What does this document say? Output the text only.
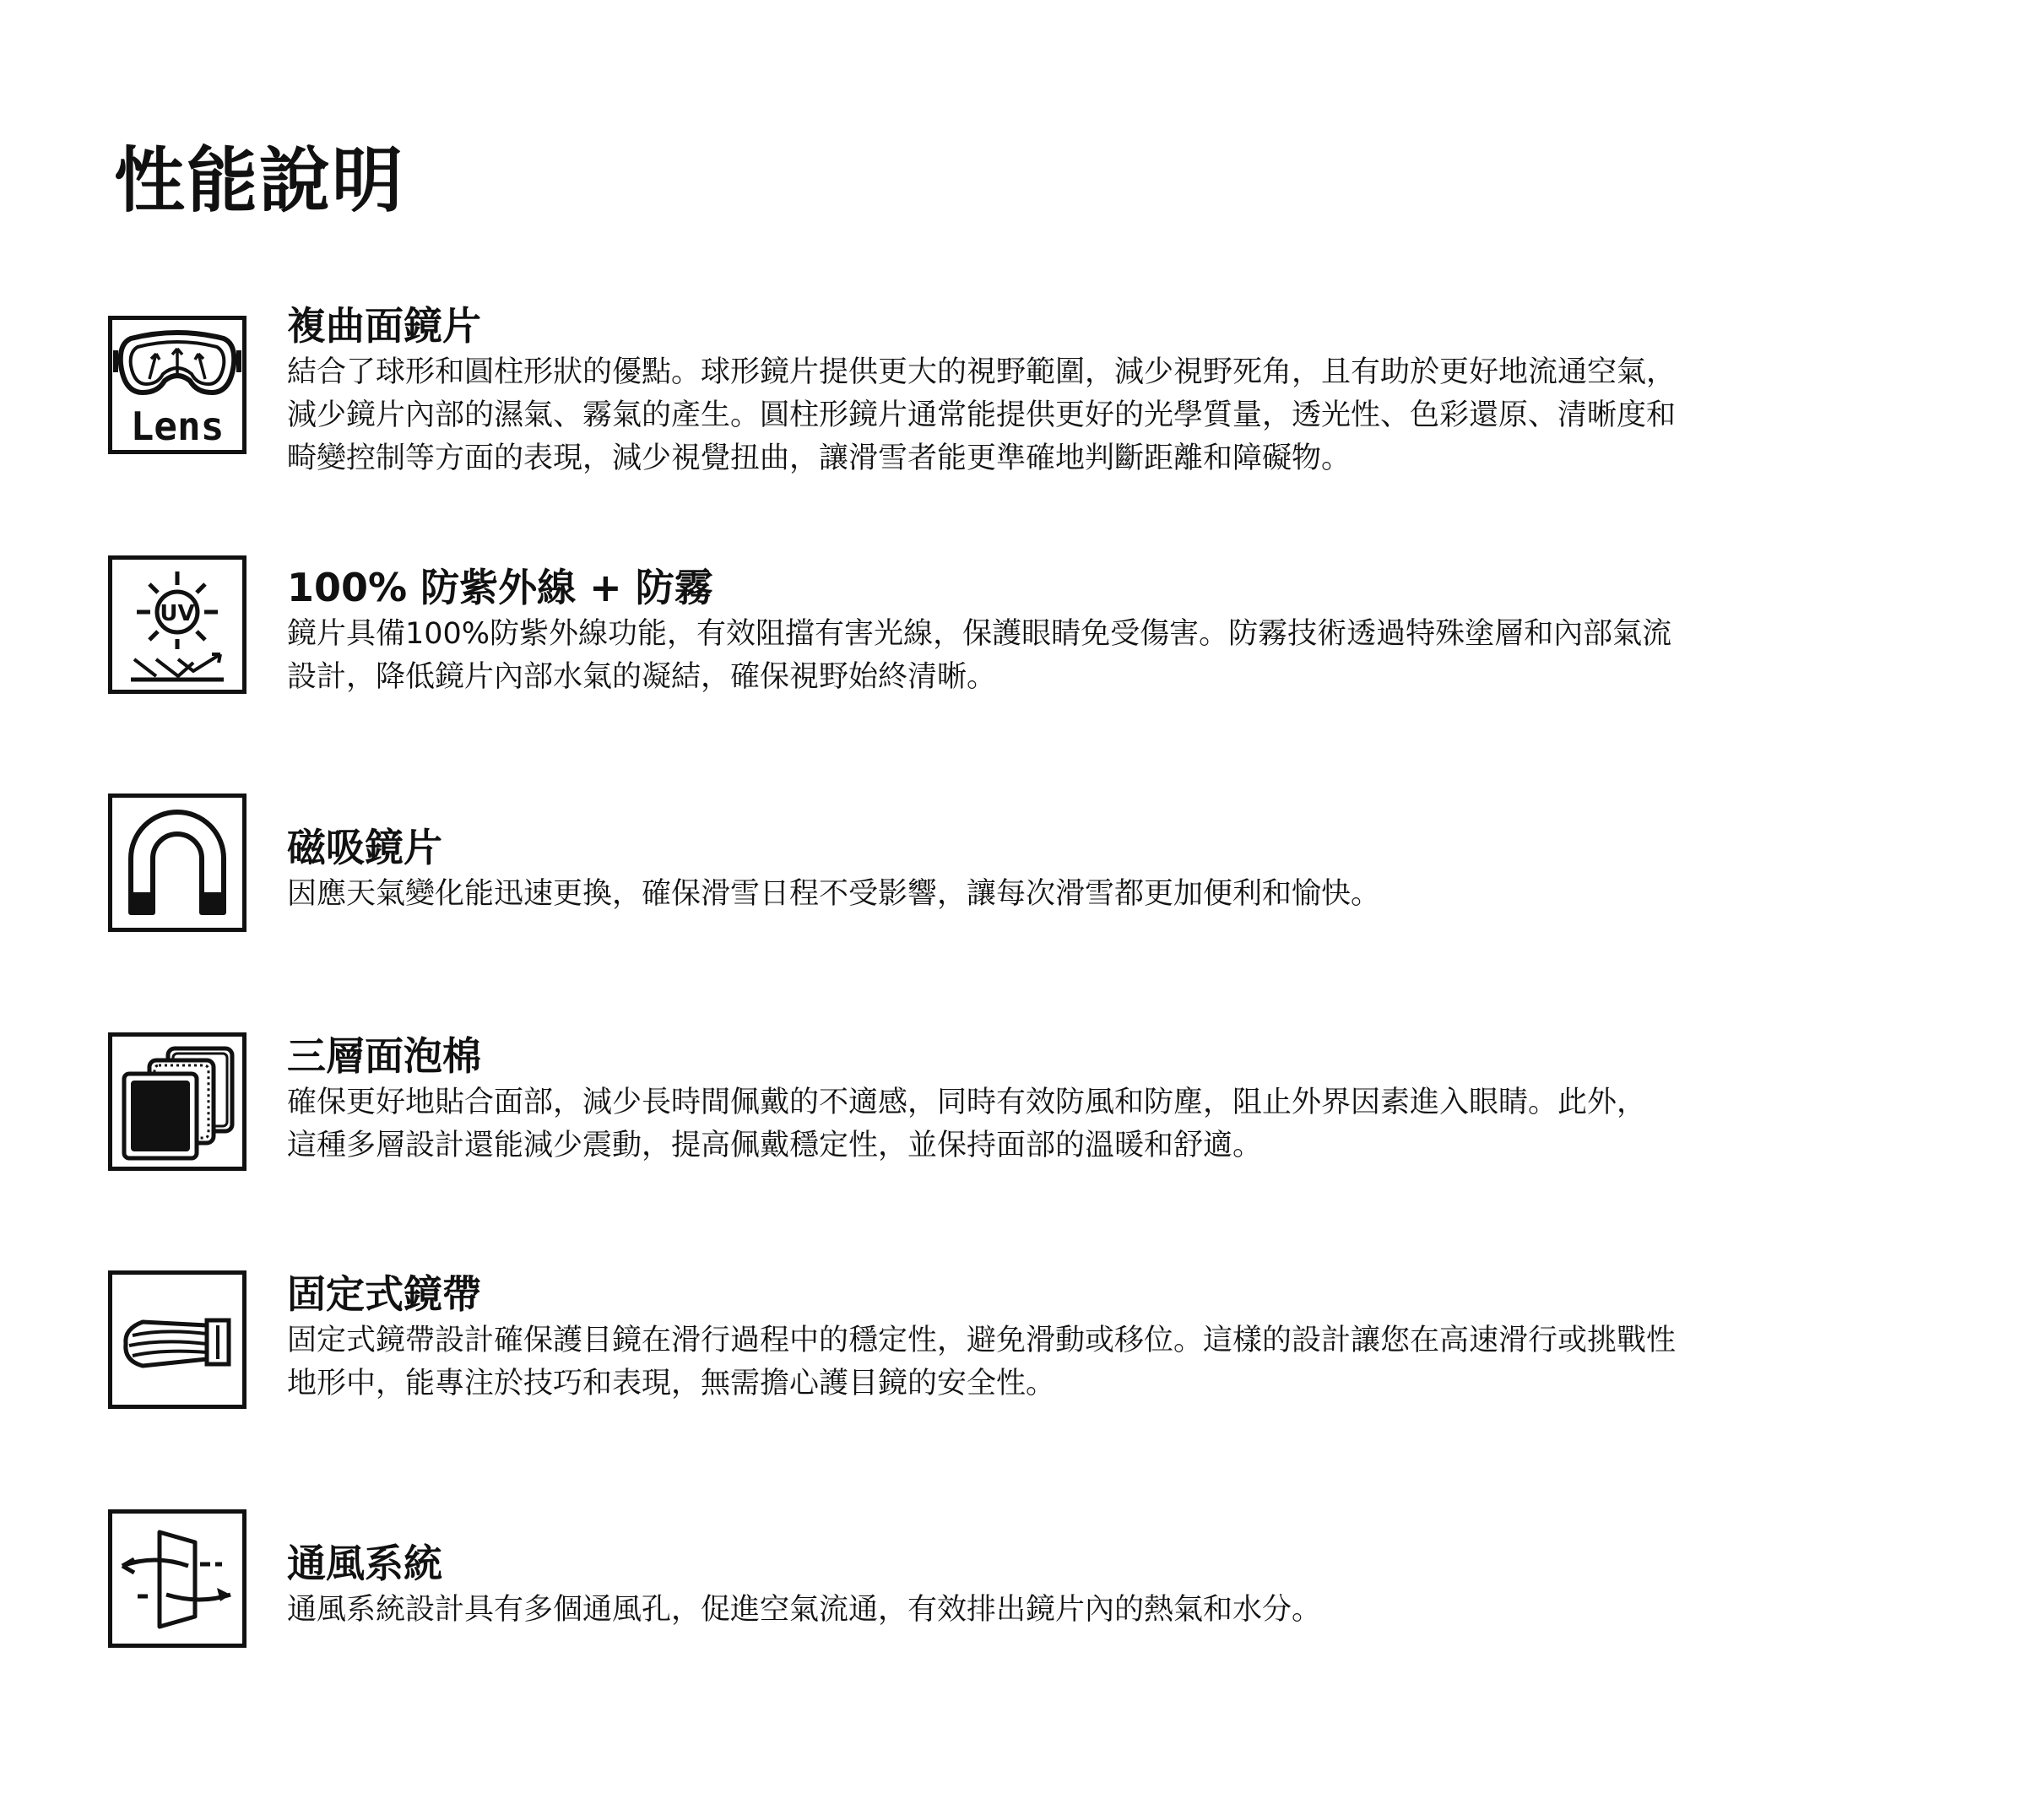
性能說明
Lens
複曲面鏡片
結合了球形和圓柱形狀的優點。球形鏡片提供更大的視野範圍，減少視野死角，且有助於更好地流通空氣，
減少鏡片內部的濕氣、霧氣的產生。圓柱形鏡片通常能提供更好的光學質量，透光性、色彩還原、清晰度和
畸變控制等方面的表現，減少視覺扭曲，讓滑雪者能更準確地判斷距離和障礙物。
UV
100% 防紫外線 + 防霧
鏡片具備100%防紫外線功能，有效阻擋有害光線，保護眼睛免受傷害。防霧技術透過特殊塗層和內部氣流
設計，降低鏡片內部水氣的凝結，確保視野始終清晰。
磁吸鏡片
因應天氣變化能迅速更換，確保滑雪日程不受影響，讓每次滑雪都更加便利和愉快。
三層面泡棉
確保更好地貼合面部，減少長時間佩戴的不適感，同時有效防風和防塵，阻止外界因素進入眼睛。此外，
這種多層設計還能減少震動，提高佩戴穩定性，並保持面部的溫暖和舒適。
固定式鏡帶
固定式鏡帶設計確保護目鏡在滑行過程中的穩定性，避免滑動或移位。這樣的設計讓您在高速滑行或挑戰性
地形中，能專注於技巧和表現，無需擔心護目鏡的安全性。
通風系統
通風系統設計具有多個通風孔，促進空氣流通，有效排出鏡片內的熱氣和水分。
